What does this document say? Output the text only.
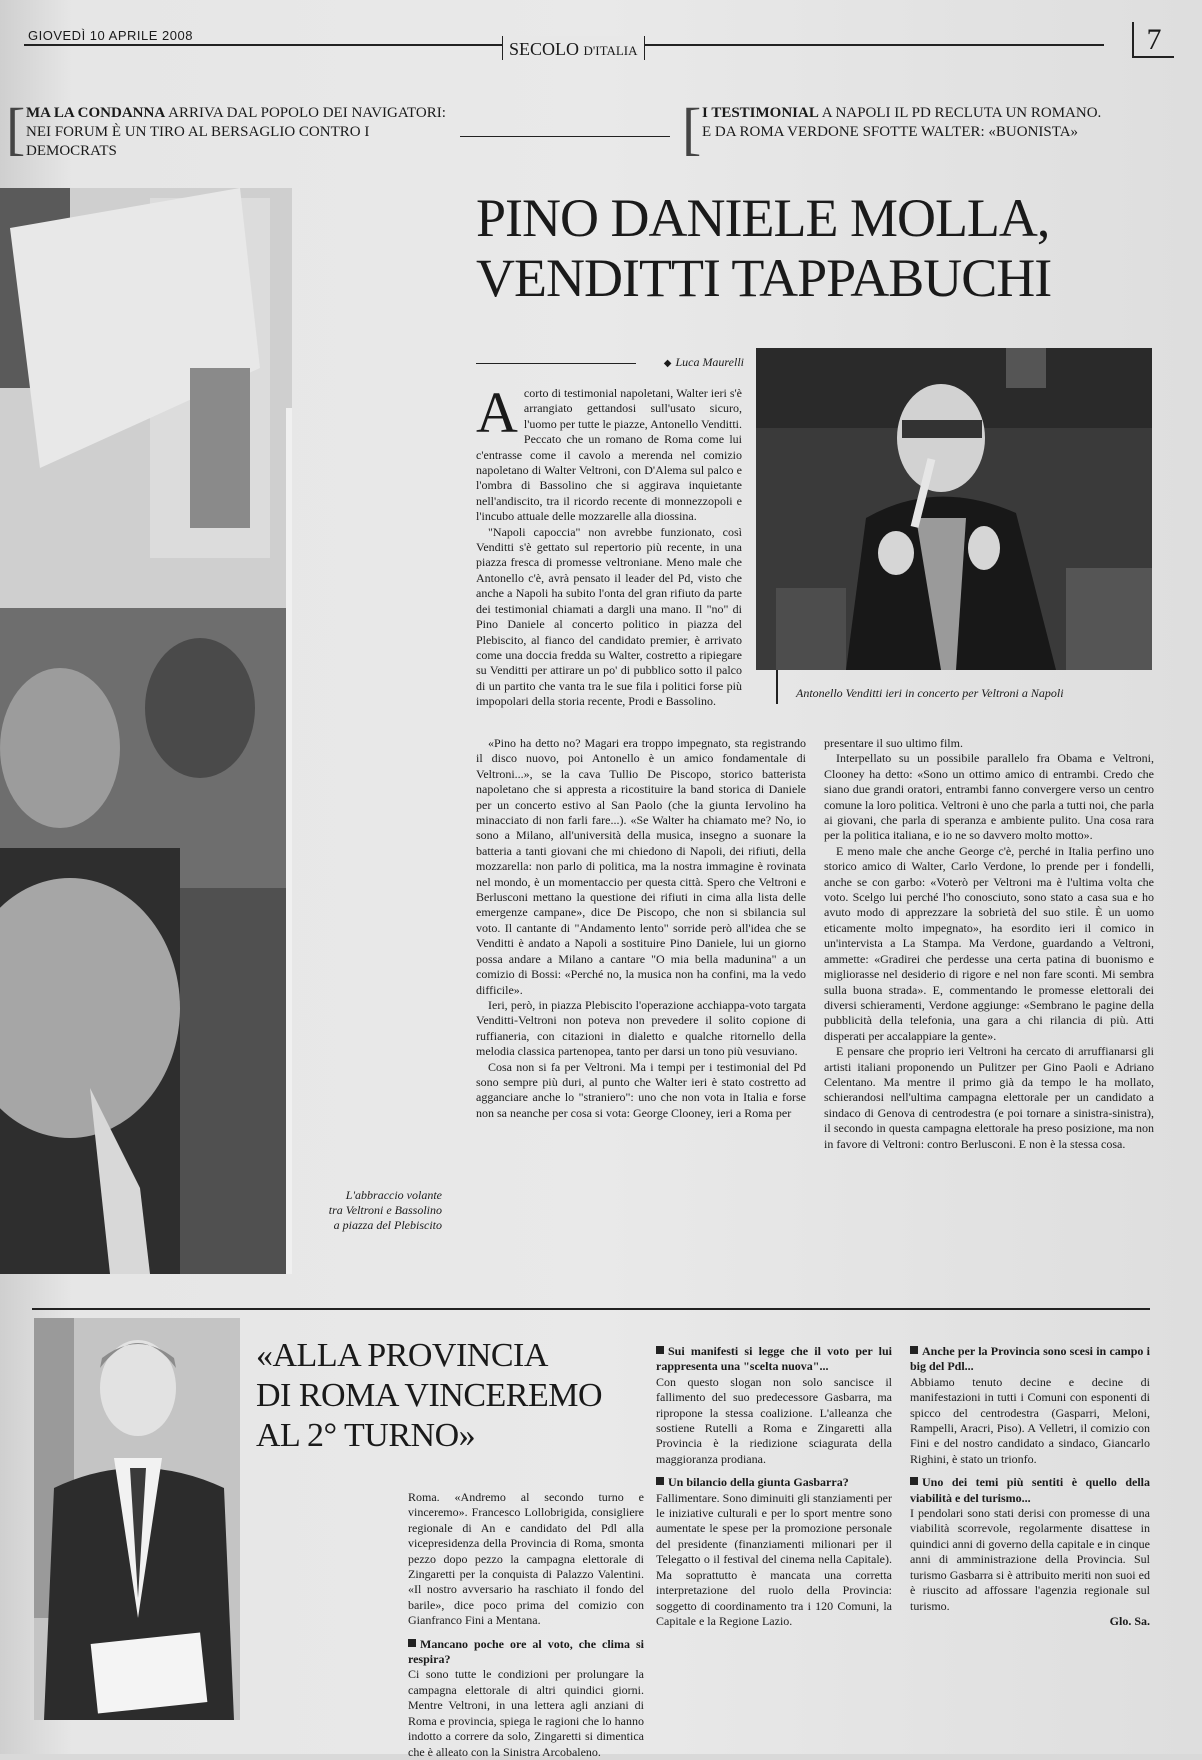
GIOVEDÌ 10 APRILE 2008
SECOLO D'ITALIA	7
[ MA LA CONDANNA ARRIVA DAL POPOLO DEI NAVIGATORI:
NEI FORUM È UN TIRO AL BERSAGLIO CONTRO I DEMOCRATS	[ I TESTIMONIAL A NAPOLI IL PD RECLUTA UN ROMANO.
E DA ROMA VERDONE SFOTTE WALTER: «BUONISTA»
L'abbraccio volante
tra Veltroni e Bassolino
a piazza del Plebiscito
PINO DANIELE MOLLA,
VENDITTI TAPPABUCHI
◆ Luca Maurelli
Antonello Venditti ieri in concerto per Veltroni a Napoli

Acorto di testimonial napoletani, Walter ieri s'è arrangiato gettandosi sull'usato sicuro, l'uomo per tutte le piazze, Antonello Venditti. Peccato che un romano de Roma come lui c'entrasse come il cavolo a merenda nel comizio napoletano di Walter Veltroni, con D'Alema sul palco e l'ombra di Bassolino che si aggirava inquietante nell'andiscito, tra il ricordo recente di monnezzopoli e l'incubo attuale delle mozzarelle alla diossina.

"Napoli capoccia" non avrebbe funzionato, così Venditti s'è gettato sul repertorio più recente, in una piazza fresca di promesse veltroniane. Meno male che Antonello c'è, avrà pensato il leader del Pd, visto che anche a Napoli ha subito l'onta del gran rifiuto da parte dei testimonial chiamati a dargli una mano. Il "no" di Pino Daniele al concerto politico in piazza del Plebiscito, al fianco del candidato premier, è arrivato come una doccia fredda su Walter, costretto a ripiegare su Venditti per attirare un po' di pubblico sotto il palco di un partito che vanta tra le sue fila i politici forse più impopolari della storia recente, Prodi e Bassolino.

«Pino ha detto no? Magari era troppo impegnato, sta registrando il disco nuovo, poi Antonello è un amico fondamentale di Veltroni...», se la cava Tullio De Piscopo, storico batterista napoletano che si appresta a ricostituire la band storica di Daniele per un concerto estivo al San Paolo (che la giunta Iervolino ha minacciato di non farli fare...). «Se Walter ha chiamato me? No, io sono a Milano, all'università della musica, insegno a suonare la batteria a tanti giovani che mi chiedono di Napoli, dei rifiuti, della mozzarella: non parlo di politica, ma la nostra immagine è rovinata nel mondo, è un momentaccio per questa città. Spero che Veltroni e Berlusconi mettano la questione dei rifiuti in cima alla lista delle emergenze campane», dice De Piscopo, che non si sbilancia sul voto. Il cantante di "Andamento lento" sorride però all'idea che se Venditti è andato a Napoli a sostituire Pino Daniele, lui un giorno possa andare a Milano a cantare "O mia bella madunina" a un comizio di Bossi: «Perché no, la musica non ha confini, ma la vedo difficile».

Ieri, però, in piazza Plebiscito l'operazione acchiappa-voto targata Venditti-Veltroni non poteva non prevedere il solito copione di ruffianeria, con citazioni in dialetto e qualche ritornello della melodia classica partenopea, tanto per darsi un tono più vesuviano.

Cosa non si fa per Veltroni. Ma i tempi per i testimonial del Pd sono sempre più duri, al punto che Walter ieri è stato costretto ad agganciare anche lo "straniero": uno che non vota in Italia e forse non sa neanche per cosa si vota: George Clooney, ieri a Roma per

presentare il suo ultimo film.

Interpellato su un possibile parallelo fra Obama e Veltroni, Clooney ha detto: «Sono un ottimo amico di entrambi. Credo che siano due grandi oratori, entrambi fanno convergere verso un centro comune la loro politica. Veltroni è uno che parla a tutti noi, che parla ai giovani, che parla di speranza e ambiente pulito. Una cosa rara per la politica italiana, e io ne so davvero molto motto».

E meno male che anche George c'è, perché in Italia perfino uno storico amico di Walter, Carlo Verdone, lo prende per i fondelli, anche se con garbo: «Voterò per Veltroni ma è l'ultima volta che voto. Scelgo lui perché l'ho conosciuto, sono stato a casa sua e ho avuto modo di apprezzare la sobrietà del suo stile. È un uomo eticamente molto impegnato», ha esordito ieri il comico in un'intervista a La Stampa. Ma Verdone, guardando a Veltroni, ammette: «Gradirei che perdesse una certa patina di buonismo e migliorasse nel desiderio di rigore e nel non fare sconti. Mi sembra sulla buona strada». E, commentando le promesse elettorali dei diversi schieramenti, Verdone aggiunge: «Sembrano le pagine della pubblicità della telefonia, una gara a chi rilancia di più. Atti disperati per accalappiare la gente».

E pensare che proprio ieri Veltroni ha cercato di arruffianarsi gli artisti italiani proponendo un Pulitzer per Gino Paoli e Adriano Celentano. Ma mentre il primo già da tempo le ha mollato, schierandosi nell'ultima campagna elettorale per un candidato a sindaco di Genova di centrodestra (e poi tornare a sinistra-sinistra), il secondo in questa campagna elettorale ha preso posizione, ma non in favore di Veltroni: contro Berlusconi. E non è la stessa cosa.

«ALLA PROVINCIA
DI ROMA VINCEREMO
AL 2° TURNO»

Roma. «Andremo al secondo turno e vinceremo». Francesco Lollobrigida, consigliere regionale di An e candidato del Pdl alla vicepresidenza della Provincia di Roma, smonta pezzo dopo pezzo la campagna elettorale di Zingaretti per la conquista di Palazzo Valentini. «Il nostro avversario ha raschiato il fondo del barile», dice poco prima del comizio con Gianfranco Fini a Mentana.

Mancano poche ore al voto, che clima si respira?

Ci sono tutte le condizioni per prolungare la campagna elettorale di altri quindici giorni. Mentre Veltroni, in una lettera agli anziani di Roma e provincia, spiega le ragioni che lo hanno indotto a correre da solo, Zingaretti si dimentica che è alleato con la Sinistra Arcobaleno.

Sui manifesti si legge che il voto per lui rappresenta una "scelta nuova"...

Con questo slogan non solo sancisce il fallimento del suo predecessore Gasbarra, ma ripropone la stessa coalizione. L'alleanza che sostiene Rutelli a Roma e Zingaretti alla Provincia è la riedizione sciagurata della maggioranza prodiana.

Un bilancio della giunta Gasbarra?

Fallimentare. Sono diminuiti gli stanziamenti per le iniziative culturali e per lo sport mentre sono aumentate le spese per la promozione personale del presidente (finanziamenti milionari per il Telegatto o il festival del cinema nella Capitale). Ma soprattutto è mancata una corretta interpretazione del ruolo della Provincia: soggetto di coordinamento tra i 120 Comuni, la Capitale e la Regione Lazio.

Anche per la Provincia sono scesi in campo i big del Pdl...

Abbiamo tenuto decine e decine di manifestazioni in tutti i Comuni con esponenti di spicco del centrodestra (Gasparri, Meloni, Rampelli, Aracri, Piso). A Velletri, il comizio con Fini e del nostro candidato a sindaco, Giancarlo Righini, è stato un trionfo.

Uno dei temi più sentiti è quello della viabilità e del turismo...

I pendolari sono stati derisi con promesse di una viabilità scorrevole, regolarmente disattese in quindici anni di governo della capitale e in cinque anni di amministrazione della Provincia. Sul turismo Gasbarra si è attribuito meriti non suoi ed è riuscito ad affossare l'agenzia regionale sul turismo.

Glo. Sa.
